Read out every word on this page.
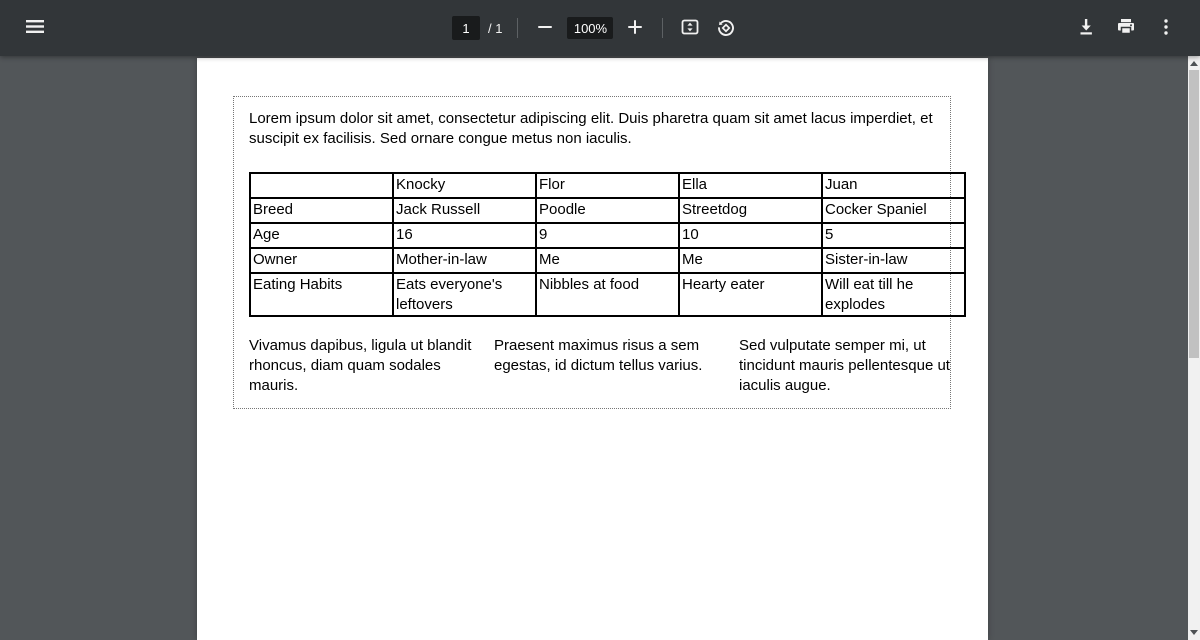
1
/ 1	100%

Lorem ipsum dolor sit amet, consectetur adipiscing elit. Duis pharetra quam sit amet lacus imperdiet, et suscipit ex facilisis. Sed ornare congue metus non iaculis.

	Knocky	Flor	Ella	Juan
Breed	Jack Russell	Poodle	Streetdog	Cocker Spaniel
Age	16	9	10	5
Owner	Mother-in-law	Me	Me	Sister-in-law
Eating Habits	Eats everyone's leftovers	Nibbles at food	Hearty eater	Will eat till he explodes

Vivamus dapibus, ligula ut blandit rhoncus, diam quam sodales mauris.

Praesent maximus risus a sem egestas, id dictum tellus varius.

Sed vulputate semper mi, ut tincidunt mauris pellentesque ut iaculis augue.
